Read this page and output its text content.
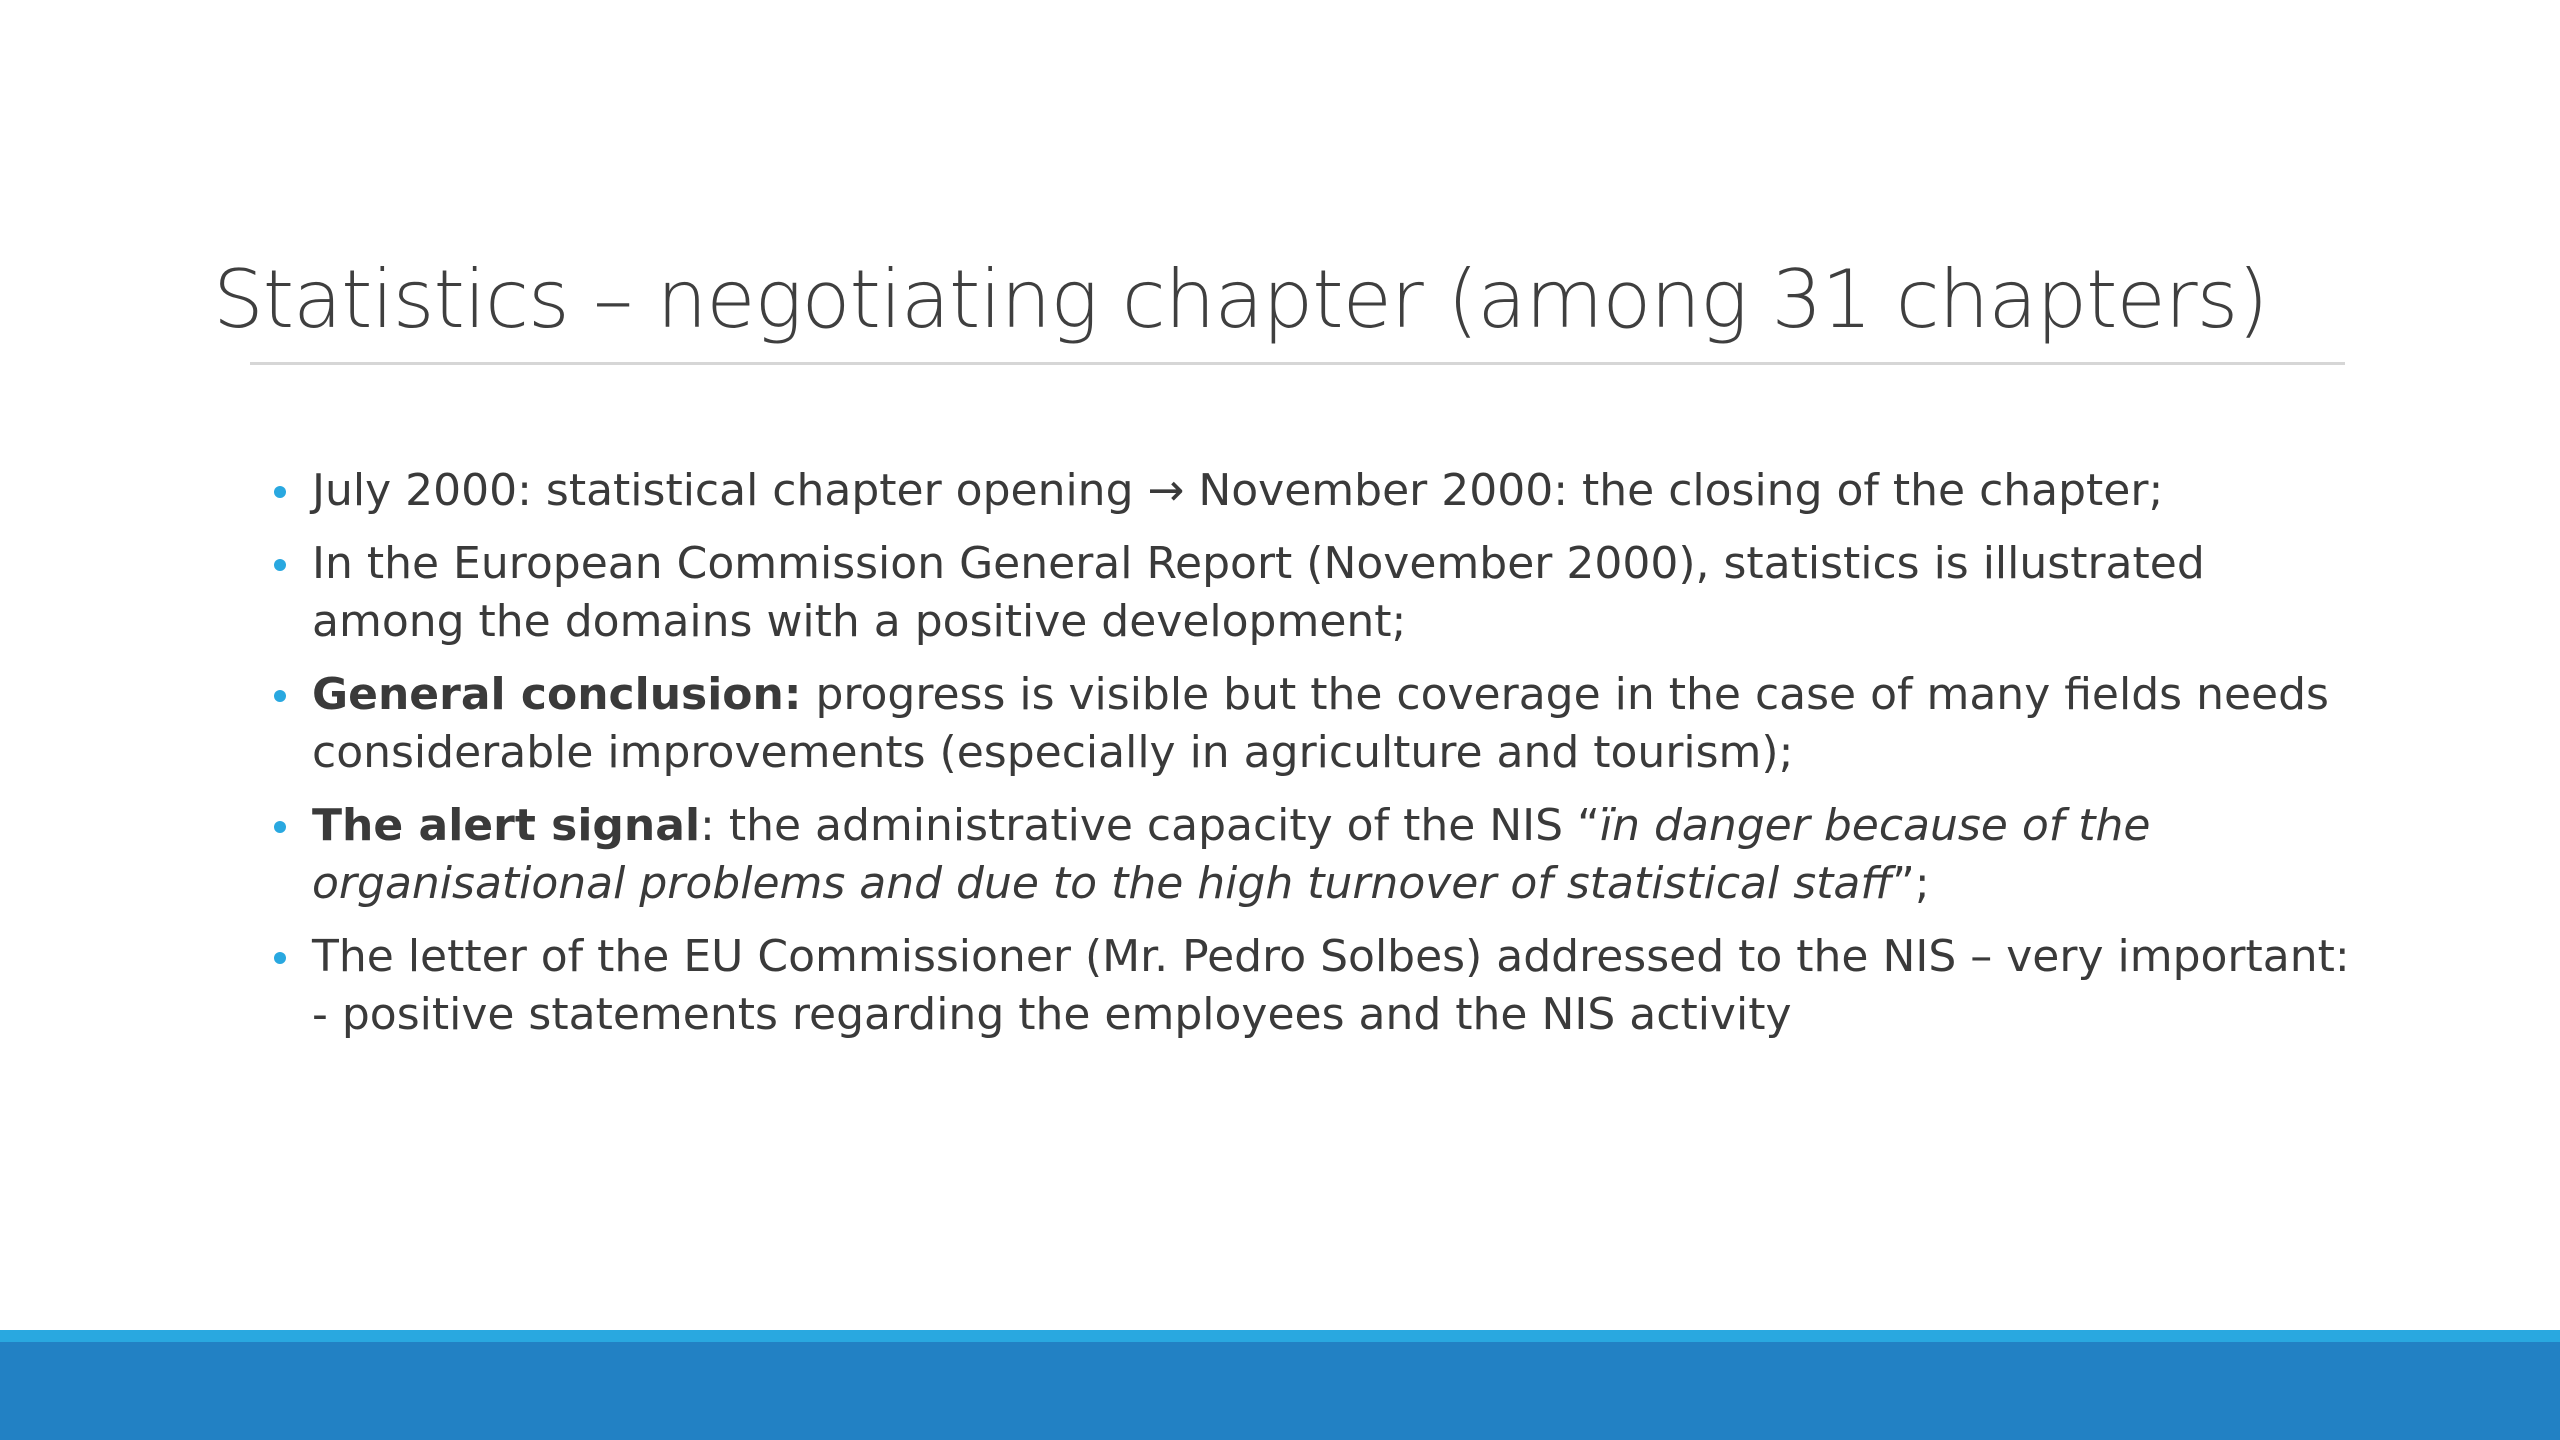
Statistics – negotiating chapter (among 31 chapters)
July 2000: statistical chapter opening → November 2000: the closing of the chapter;
In the European Commission General Report (November 2000), statistics is illustrated among the domains with a positive development;
General conclusion: progress is visible but the coverage in the case of many fields needs considerable improvements (especially in agriculture and tourism);
The alert signal: the administrative capacity of the NIS “ïn danger because of the organisational problems and due to the high turnover of statistical staff”;
The letter of the EU Commissioner (Mr. Pedro Solbes) addressed to the NIS – very important:
- positive statements regarding the employees and the NIS activity
